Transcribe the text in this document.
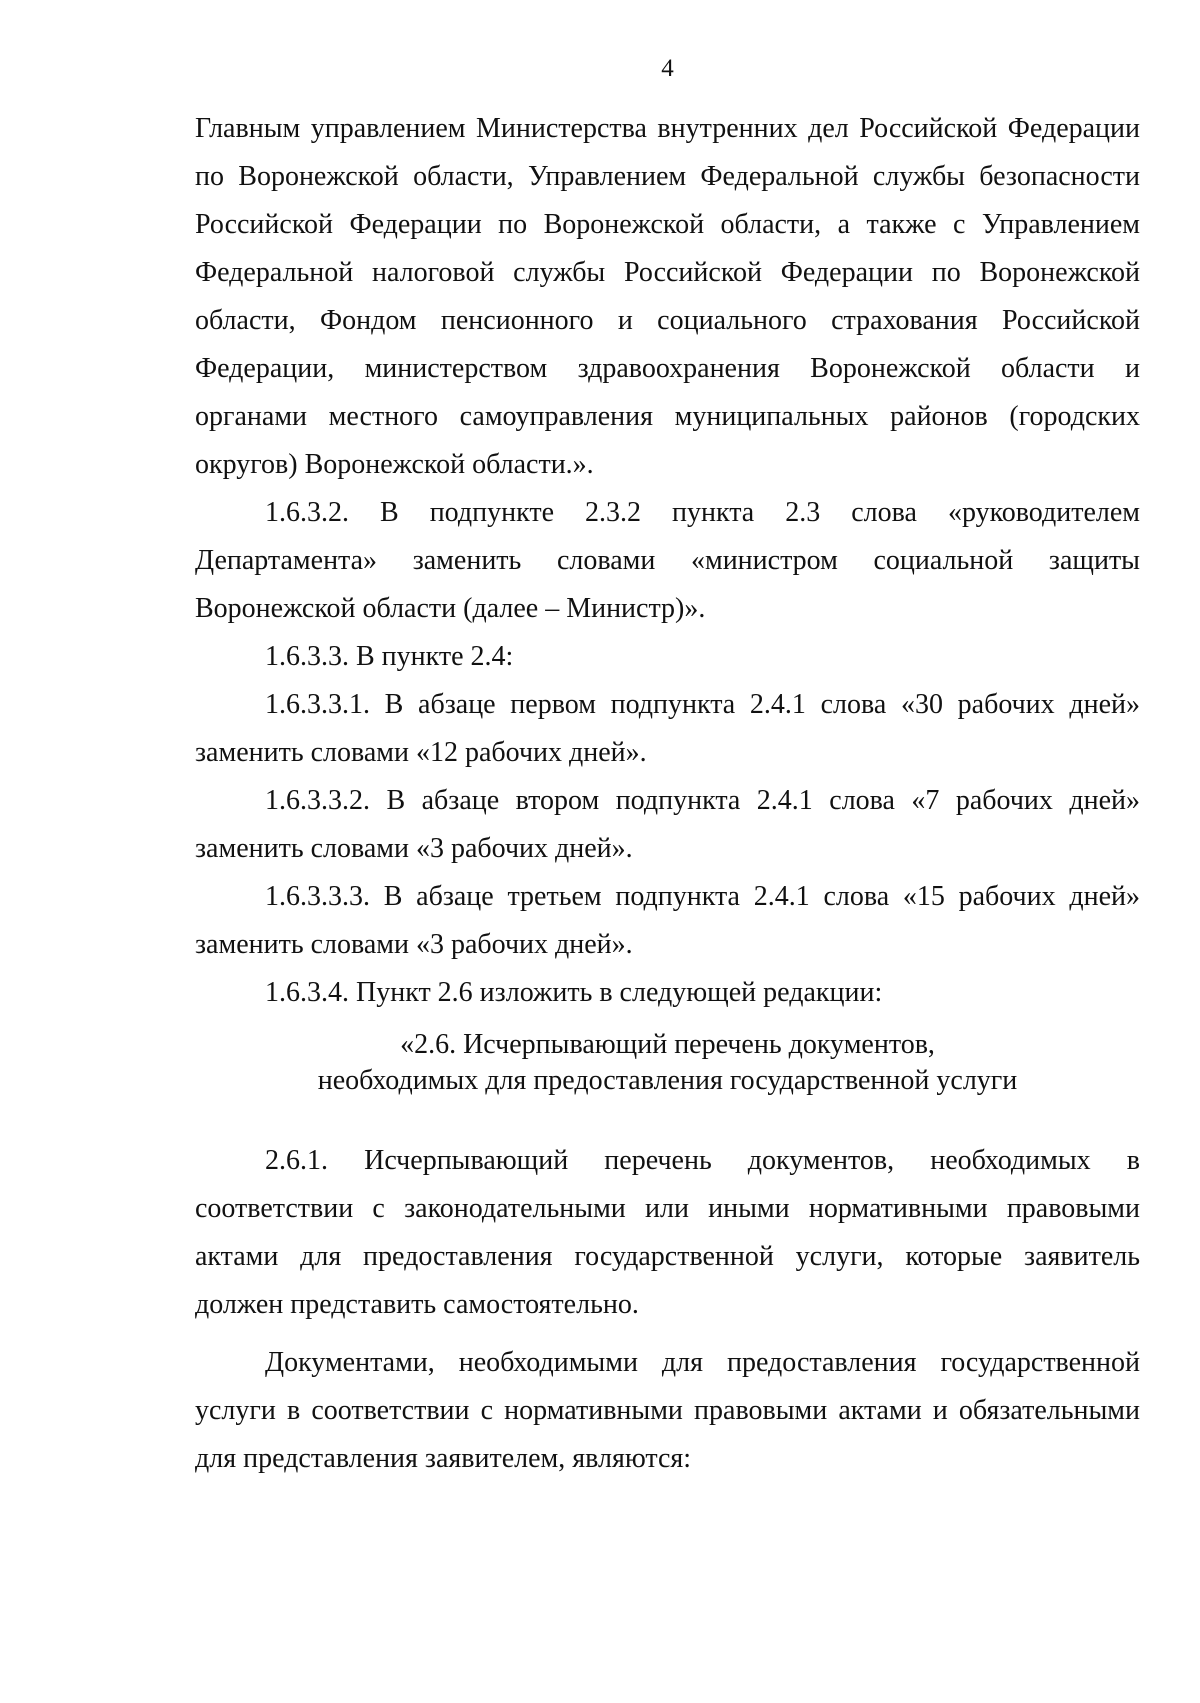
4

Главным управлением Министерства внутренних дел Российской Федерации по Воронежской области, Управлением Федеральной службы безопасности Российской Федерации по Воронежской области, а также с Управлением Федеральной налоговой службы Российской Федерации по Воронежской области, Фондом пенсионного и социального страхования Российской Федерации, министерством здравоохранения Воронежской области и органами местного самоуправления муниципальных районов (городских округов) Воронежской области.».

1.6.3.2. В подпункте 2.3.2 пункта 2.3 слова «руководителем Департамента» заменить словами «министром социальной защиты Воронежской области (далее – Министр)».

1.6.3.3. В пункте 2.4:

1.6.3.3.1. В абзаце первом подпункта 2.4.1 слова «30 рабочих дней» заменить словами «12 рабочих дней».

1.6.3.3.2. В абзаце втором подпункта 2.4.1 слова «7 рабочих дней» заменить словами «3 рабочих дней».

1.6.3.3.3. В абзаце третьем подпункта 2.4.1 слова «15 рабочих дней» заменить словами «3 рабочих дней».

1.6.3.4. Пункт 2.6 изложить в следующей редакции:

«2.6. Исчерпывающий перечень документов,
необходимых для предоставления государственной услуги

2.6.1. Исчерпывающий перечень документов, необходимых в соответствии с законодательными или иными нормативными правовыми актами для предоставления государственной услуги, которые заявитель должен представить самостоятельно.

Документами, необходимыми для предоставления государственной услуги в соответствии с нормативными правовыми актами и обязательными для представления заявителем, являются:
